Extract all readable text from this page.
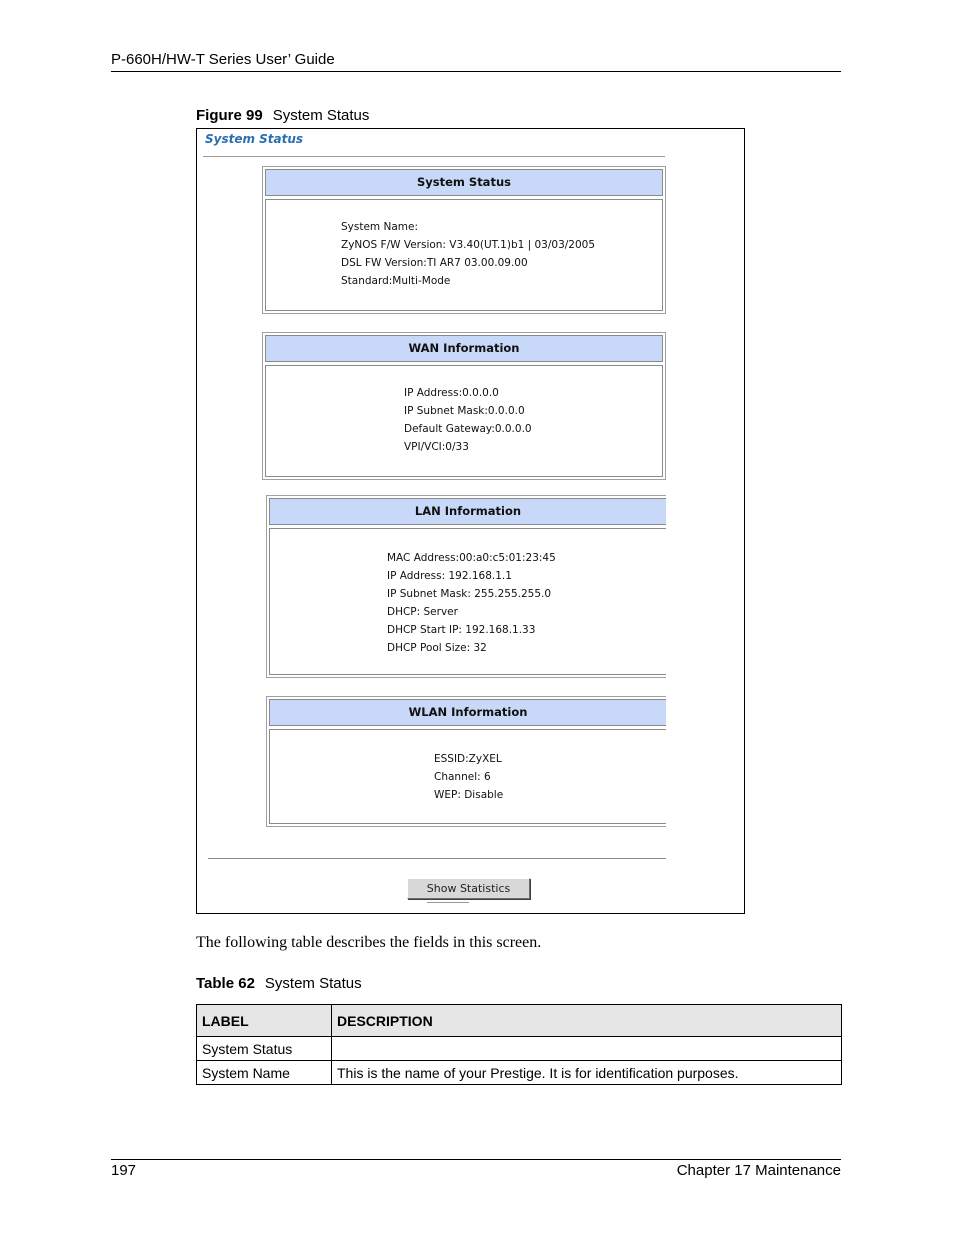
P-660H/HW-T Series User’ Guide
Figure 99 System Status
System Status
System Status
System Name:
ZyNOS F/W Version: V3.40(UT.1)b1 | 03/03/2005
DSL FW Version:TI AR7 03.00.09.00
Standard:Multi-Mode
WAN Information
IP Address:0.0.0.0
IP Subnet Mask:0.0.0.0
Default Gateway:0.0.0.0
VPI/VCI:0/33
LAN Information
MAC Address:00:a0:c5:01:23:45
IP Address: 192.168.1.1
IP Subnet Mask: 255.255.255.0
DHCP: Server
DHCP Start IP: 192.168.1.33
DHCP Pool Size: 32
WLAN Information
ESSID:ZyXEL
Channel: 6
WEP: Disable
Show Statistics
The following table describes the fields in this screen.
Table 62 System Status
LABEL	DESCRIPTION
System Status	
System Name	This is the name of your Prestige. It is for identification purposes.
197	Chapter 17 Maintenance
